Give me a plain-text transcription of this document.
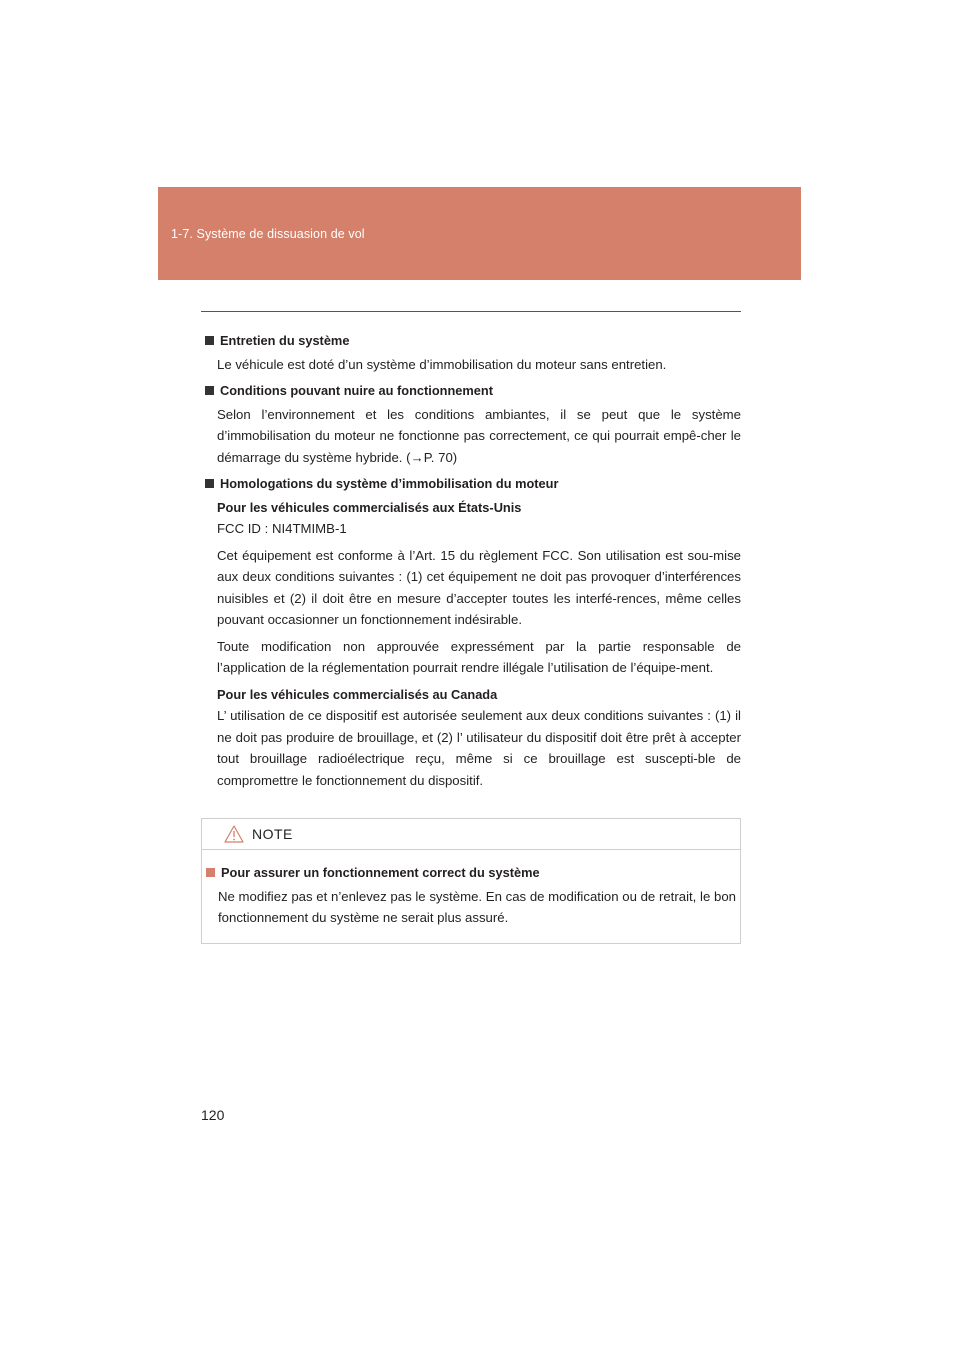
1-7. Système de dissuasion de vol
Entretien du système

Le véhicule est doté d’un système d’immobilisation du moteur sans entretien.

Conditions pouvant nuire au fonctionnement

Selon l’environnement et les conditions ambiantes, il se peut que le système d’immobilisation du moteur ne fonctionne pas correctement, ce qui pourrait empê-cher le démarrage du système hybride. (→P. 70)

Homologations du système d’immobilisation du moteur
Pour les véhicules commercialisés aux États-Unis
FCC ID : NI4TMIMB-1

Cet équipement est conforme à l’Art. 15 du règlement FCC. Son utilisation est sou-mise aux deux conditions suivantes : (1) cet équipement ne doit pas provoquer d’interférences nuisibles et (2) il doit être en mesure d’accepter toutes les interfé-rences, même celles pouvant occasionner un fonctionnement indésirable.

Toute modification non approuvée expressément par la partie responsable de l’application de la réglementation pourrait rendre illégale l’utilisation de l’équipe-ment.

Pour les véhicules commercialisés au Canada

L’ utilisation de ce dispositif est autorisée seulement aux deux conditions suivantes : (1) il ne doit pas produire de brouillage, et (2) l’ utilisateur du dispositif doit être prêt à accepter tout brouillage radioélectrique reçu, même si ce brouillage est suscepti-ble de compromettre le fonctionnement du dispositif.

NOTE
Pour assurer un fonctionnement correct du système

Ne modifiez pas et n’enlevez pas le système. En cas de modification ou de retrait, le bon fonctionnement du système ne serait plus assuré.

120
